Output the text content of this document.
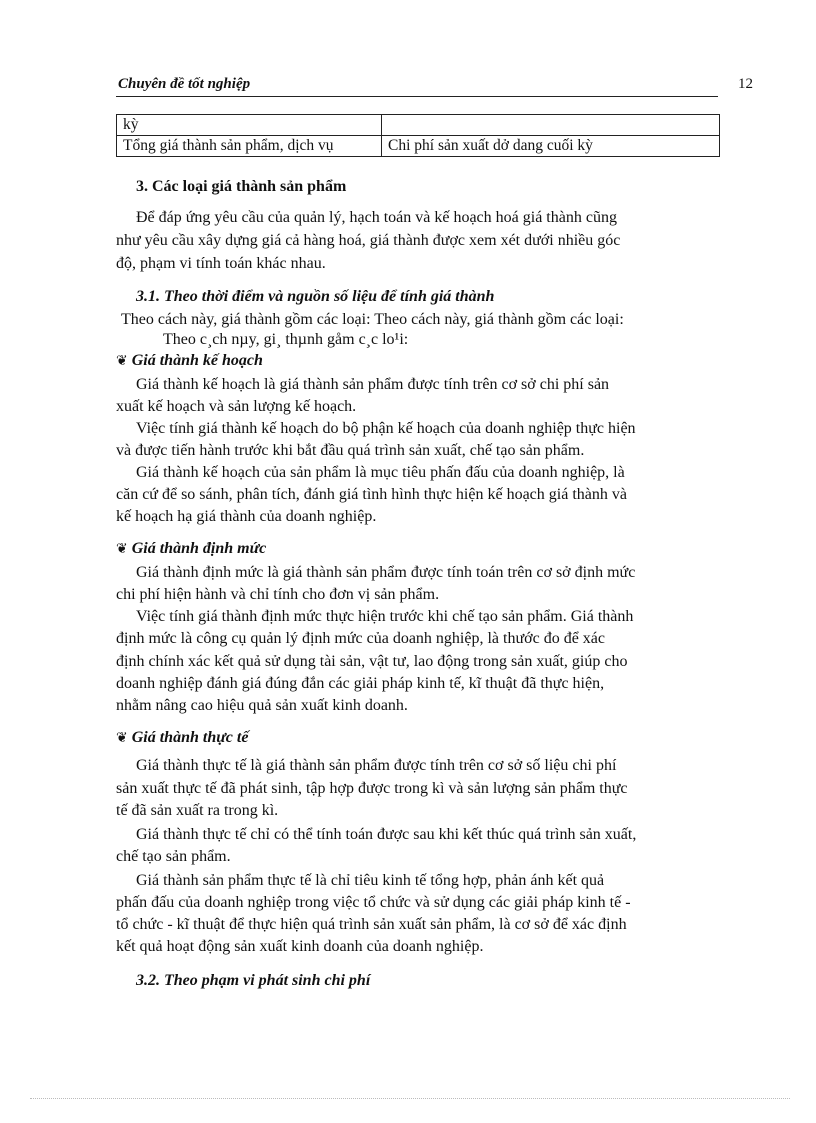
Chuyên đề tốt nghiệp	12
kỳ	
Tổng giá thành sản phẩm, dịch vụ	Chi phí sản xuất dở dang cuối kỳ
3. Các loại giá thành sản phẩm
Để đáp ứng yêu cầu của quản lý, hạch toán và kế hoạch hoá giá thành cũng
như yêu cầu xây dựng giá cả hàng hoá, giá thành được xem xét dưới nhiều góc
độ, phạm vi tính toán khác nhau.
3.1. Theo thời điểm và nguồn số liệu để tính giá thành
Theo cách này, giá thành gồm các loại: Theo cách này, giá thành gồm các loại:
Theo c¸ch nµy, gi¸ thµnh gåm c¸c lo¹i:
❦ Giá thành kế hoạch
Giá thành kế hoạch là giá thành sản phẩm được tính trên cơ sở chi phí sản
xuất kế hoạch và sản lượng kế hoạch.
Việc tính giá thành kế hoạch do bộ phận kế hoạch của doanh nghiệp thực hiện
và được tiến hành trước khi bắt đầu quá trình sản xuất, chế tạo sản phẩm.
Giá thành kế hoạch của sản phẩm là mục tiêu phấn đấu của doanh nghiệp, là
căn cứ để so sánh, phân tích, đánh giá tình hình thực hiện kế hoạch giá thành và
kế hoạch hạ giá thành của doanh nghiệp.
❦ Giá thành định mức
Giá thành định mức là giá thành sản phẩm được tính toán trên cơ sở định mức
chi phí hiện hành và chỉ tính cho đơn vị sản phẩm.
Việc tính giá thành định mức thực hiện trước khi chế tạo sản phẩm. Giá thành
định mức là công cụ quản lý định mức của doanh nghiệp, là thước đo để xác
định chính xác kết quả sử dụng tài sản, vật tư, lao động trong sản xuất, giúp cho
doanh nghiệp đánh giá đúng đắn các giải pháp kinh tế, kĩ thuật đã thực hiện,
nhằm nâng cao hiệu quả sản xuất kinh doanh.
❦ Giá thành thực tế
Giá thành thực tế là giá thành sản phẩm được tính trên cơ sở số liệu chi phí
sản xuất thực tế đã phát sinh, tập hợp được trong kì và sản lượng sản phẩm thực
tế đã sản xuất ra trong kì.
Giá thành thực tế chỉ có thể tính toán được sau khi kết thúc quá trình sản xuất,
chế tạo sản phẩm.
Giá thành sản phẩm thực tế là chỉ tiêu kinh tế tổng hợp, phản ánh kết quả
phấn đấu của doanh nghiệp trong việc tổ chức và sử dụng các giải pháp kinh tế -
tổ chức - kĩ thuật để thực hiện quá trình sản xuất sản phẩm, là cơ sở để xác định
kết quả hoạt động sản xuất kinh doanh của doanh nghiệp.
3.2. Theo phạm vi phát sinh chi phí
